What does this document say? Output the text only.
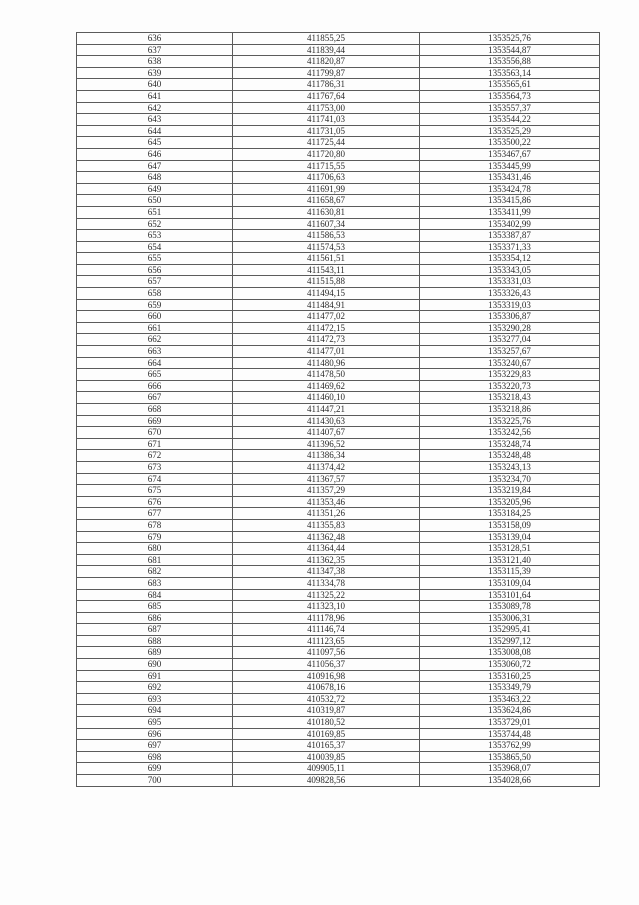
636	411855,25	1353525,76
637	411839,44	1353544,87
638	411820,87	1353556,88
639	411799,87	1353563,14
640	411786,31	1353565,61
641	411767,64	1353564,73
642	411753,00	1353557,37
643	411741,03	1353544,22
644	411731,05	1353525,29
645	411725,44	1353500,22
646	411720,80	1353467,67
647	411715,55	1353445,99
648	411706,63	1353431,46
649	411691,99	1353424,78
650	411658,67	1353415,86
651	411630,81	1353411,99
652	411607,34	1353402,99
653	411586,53	1353387,87
654	411574,53	1353371,33
655	411561,51	1353354,12
656	411543,11	1353343,05
657	411515,88	1353331,03
658	411494,15	1353326,43
659	411484,91	1353319,03
660	411477,02	1353306,87
661	411472,15	1353290,28
662	411472,73	1353277,04
663	411477,01	1353257,67
664	411480,96	1353240,67
665	411478,50	1353229,83
666	411469,62	1353220,73
667	411460,10	1353218,43
668	411447,21	1353218,86
669	411430,63	1353225,76
670	411407,67	1353242,56
671	411396,52	1353248,74
672	411386,34	1353248,48
673	411374,42	1353243,13
674	411367,57	1353234,70
675	411357,29	1353219,84
676	411353,46	1353205,96
677	411351,26	1353184,25
678	411355,83	1353158,09
679	411362,48	1353139,04
680	411364,44	1353128,51
681	411362,35	1353121,40
682	411347,38	1353115,39
683	411334,78	1353109,04
684	411325,22	1353101,64
685	411323,10	1353089,78
686	411178,96	1353006,31
687	411146,74	1352995,41
688	411123,65	1352997,12
689	411097,56	1353008,08
690	411056,37	1353060,72
691	410916,98	1353160,25
692	410678,16	1353349,79
693	410532,72	1353463,22
694	410319,87	1353624,86
695	410180,52	1353729,01
696	410169,85	1353744,48
697	410165,37	1353762,99
698	410039,85	1353865,50
699	409905,11	1353968,07
700	409828,56	1354028,66
